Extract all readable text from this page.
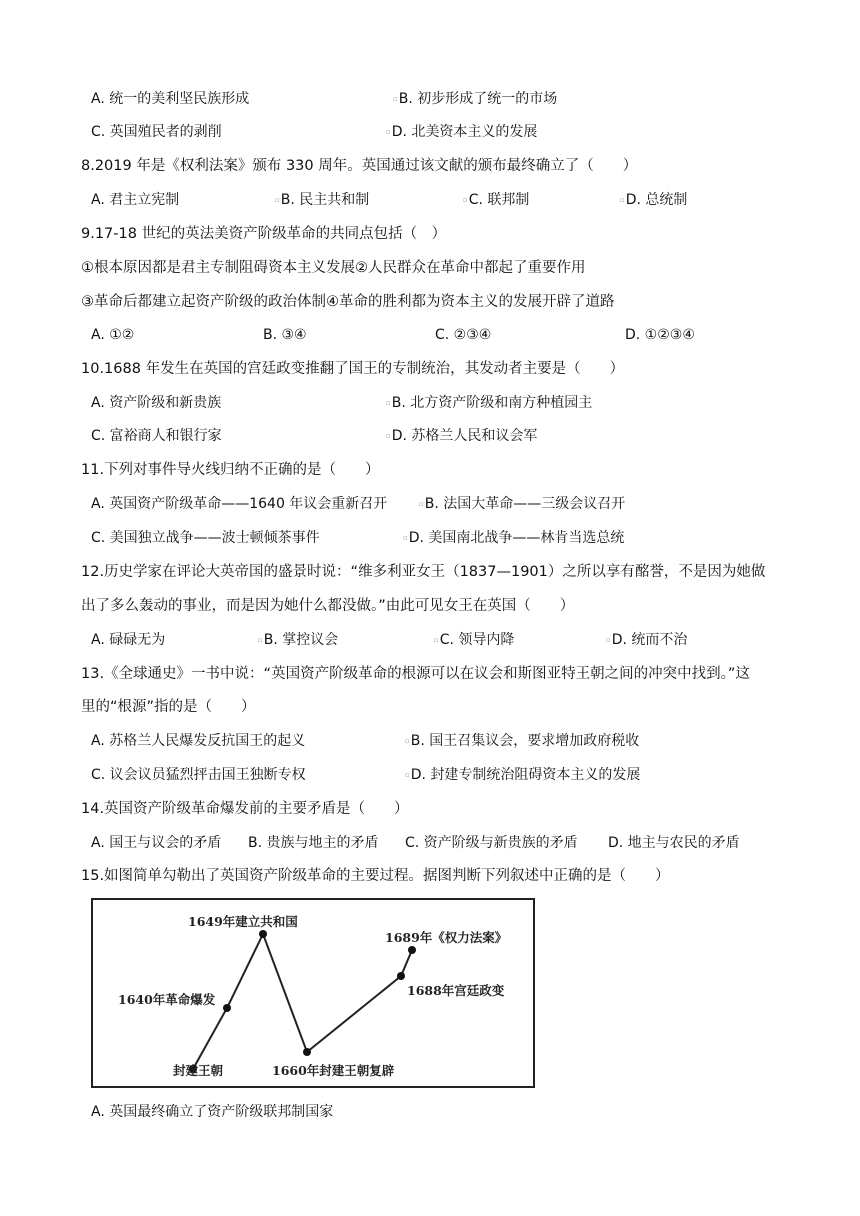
A. 统一的美利坚民族形成	▫ B. 初步形成了统一的市场
C. 英国殖民者的剥削	▫ D. 北美资本主义的发展
8.2019 年是《权利法案》颁布 330 周年。英国通过该文献的颁布最终确立了（　　）
A. 君主立宪制	▫ B. 民主共和制	▫ C. 联邦制	▫ D. 总统制
9.17-18 世纪的英法美资产阶级革命的共同点包括（　）
①根本原因都是君主专制阻碍资本主义发展②人民群众在革命中都起了重要作用
③革命后都建立起资产阶级的政治体制④革命的胜利都为资本主义的发展开辟了道路
A. ①②	B. ③④	C. ②③④	D. ①②③④
10.1688 年发生在英国的宫廷政变推翻了国王的专制统治，其发动者主要是（　　）
A. 资产阶级和新贵族	▫ B. 北方资产阶级和南方种植园主
C. 富裕商人和银行家	▫ D. 苏格兰人民和议会军
11.下列对事件导火线归纳不正确的是（　　）
A. 英国资产阶级革命——1640 年议会重新召开	▫ B. 法国大革命——三级会议召开
C. 美国独立战争——波士顿倾茶事件	▫ D. 美国南北战争——林肯当选总统
12.历史学家在评论大英帝国的盛景时说：“维多利亚女王（1837—1901）之所以享有酩誉，不是因为她做
出了多么轰动的事业，而是因为她什么都没做。”由此可见女王在英国（　　）
A. 碌碌无为	▫ B. 掌控议会	▫ C. 领导内降	▫ D. 统而不治
13.《全球通史》一书中说：“英国资产阶级革命的根源可以在议会和斯图亚特王朝之间的冲突中找到。”这
里的“根源”指的是（　　）
A. 苏格兰人民爆发反抗国王的起义	▫ B. 国王召集议会，要求增加政府税收
C. 议会议员猛烈抨击国王独断专权	▫ D. 封建专制统治阻碍资本主义的发展
14.英国资产阶级革命爆发前的主要矛盾是（　　）
A. 国王与议会的矛盾 B. 贵族与地主的矛盾 C. 资产阶级与新贵族的矛盾 D. 地主与农民的矛盾
15.如图简单勾勒出了英国资产阶级革命的主要过程。据图判断下列叙述中正确的是（　　）
封建王朝
1640年革命爆发
1649年建立共和国
1660年封建王朝复辟
1688年宫廷政变
1689年《权力法案》
A. 英国最终确立了资产阶级联邦制国家
